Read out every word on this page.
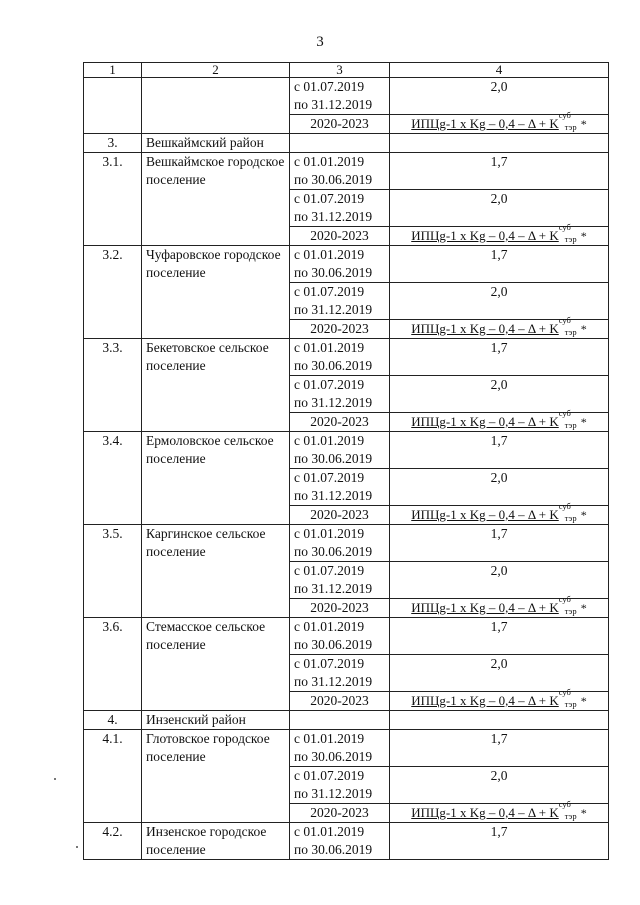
3
1	2	3	4
		с 01.07.2019
по 31.12.2019	2,0
		2020-2023	ИПЦg-1 x Kg – 0,4 – Δ + K
суб
тэр *
3.	Вешкаймский район		
3.1.	Вешкаймское городское поселение	с 01.01.2019
по 30.06.2019	1,7
		с 01.07.2019
по 31.12.2019	2,0
		2020-2023	ИПЦg-1 x Kg – 0,4 – Δ + K
суб
тэр *
3.2.	Чуфаровское городское поселение	с 01.01.2019
по 30.06.2019	1,7
		с 01.07.2019
по 31.12.2019	2,0
		2020-2023	ИПЦg-1 x Kg – 0,4 – Δ + K
суб
тэр *
3.3.	Бекетовское сельское поселение	с 01.01.2019
по 30.06.2019	1,7
		с 01.07.2019
по 31.12.2019	2,0
		2020-2023	ИПЦg-1 x Kg – 0,4 – Δ + K
суб
тэр *
3.4.	Ермоловское сельское поселение	с 01.01.2019
по 30.06.2019	1,7
		с 01.07.2019
по 31.12.2019	2,0
		2020-2023	ИПЦg-1 x Kg – 0,4 – Δ + K
суб
тэр *
3.5.	Каргинское сельское поселение	с 01.01.2019
по 30.06.2019	1,7
		с 01.07.2019
по 31.12.2019	2,0
		2020-2023	ИПЦg-1 x Kg – 0,4 – Δ + K
суб
тэр *
3.6.	Стемасское сельское поселение	с 01.01.2019
по 30.06.2019	1,7
		с 01.07.2019
по 31.12.2019	2,0
		2020-2023	ИПЦg-1 x Kg – 0,4 – Δ + K
суб
тэр *
4.	Инзенский район		
4.1.	Глотовское городское поселение	с 01.01.2019
по 30.06.2019	1,7
		с 01.07.2019
по 31.12.2019	2,0
		2020-2023	ИПЦg-1 x Kg – 0,4 – Δ + K
суб
тэр *
4.2.	Инзенское городское поселение	с 01.01.2019
по 30.06.2019	1,7
